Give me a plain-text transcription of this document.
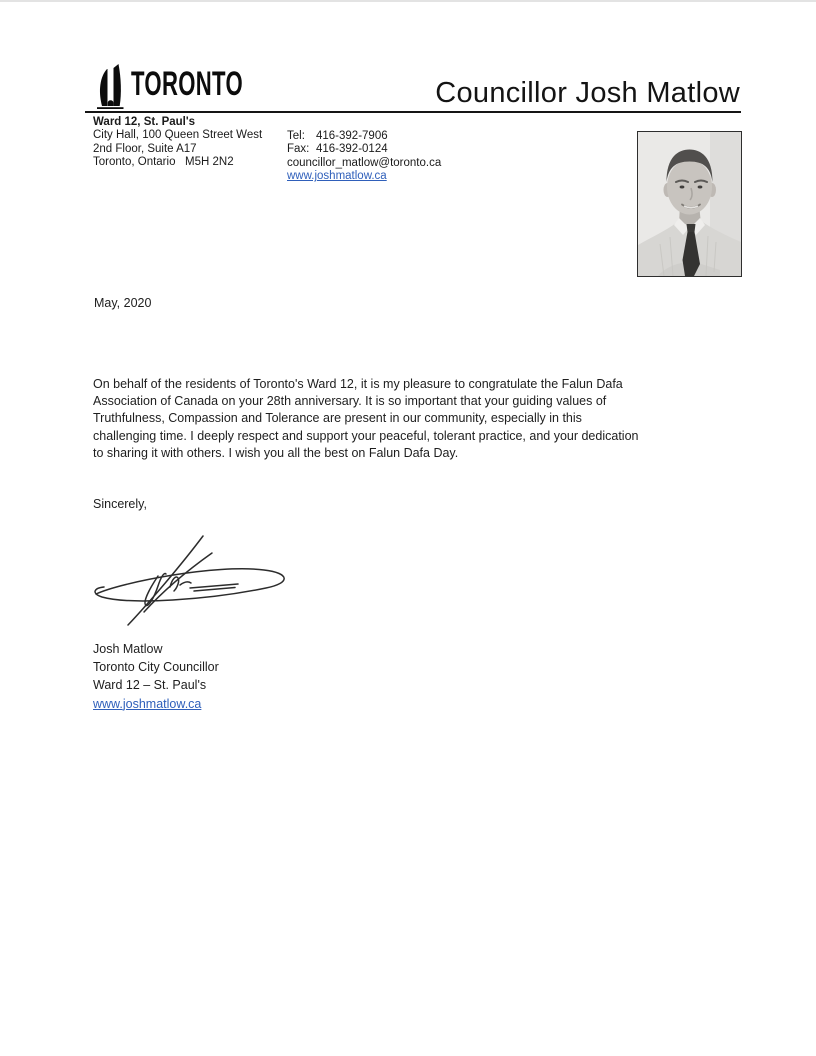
TORONTO	Councillor Josh Matlow
Ward 12, St. Paul's
City Hall, 100 Queen Street West
2nd Floor, Suite A17
Toronto, Ontario   M5H 2N2
Tel: 416-392-7906
Fax: 416-392-0124
councillor_matlow@toronto.ca
www.joshmatlow.ca
May, 2020
On behalf of the residents of Toronto's Ward 12, it is my pleasure to congratulate the Falun Dafa
Association of Canada on your 28th anniversary. It is so important that your guiding values of
Truthfulness, Compassion and Tolerance are present in our community, especially in this
challenging time. I deeply respect and support your peaceful, tolerant practice, and your dedication
to sharing it with others. I wish you all the best on Falun Dafa Day.
Sincerely,
Josh Matlow
Toronto City Councillor
Ward 12 – St. Paul's
www.joshmatlow.ca
